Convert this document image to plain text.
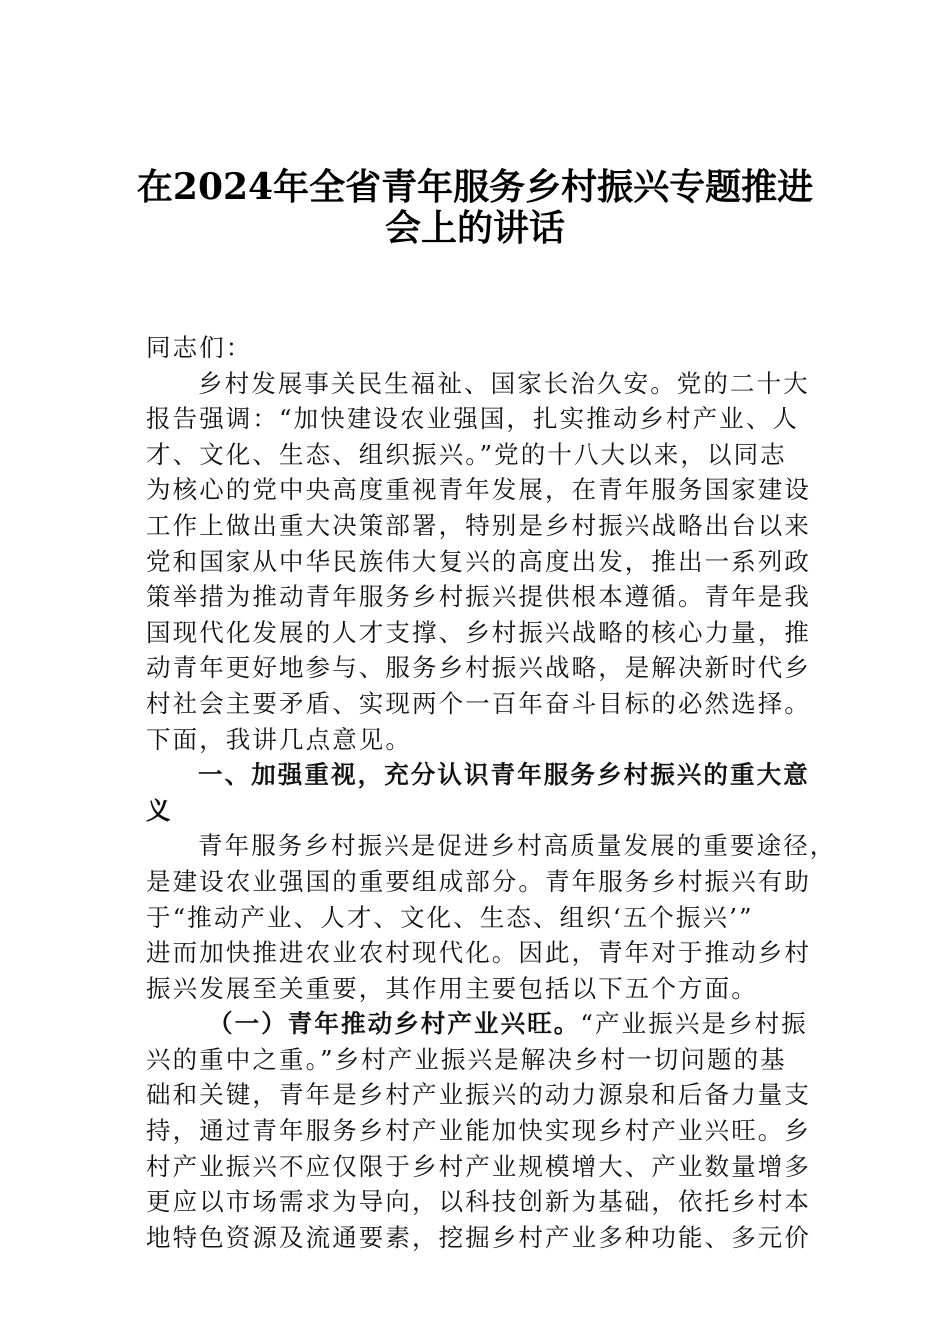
在2024年全省青年服务乡村振兴专题推进
会上的讲话
同志们：
乡村发展事关民生福祉、国家长治久安。党的二十大
报告强调：“加快建设农业强国，扎实推动乡村产业、人
才、文化、生态、组织振兴。”党的十八大以来，以同志
为核心的党中央高度重视青年发展，在青年服务国家建设
工作上做出重大决策部署，特别是乡村振兴战略出台以来
党和国家从中华民族伟大复兴的高度出发，推出一系列政
策举措为推动青年服务乡村振兴提供根本遵循。青年是我
国现代化发展的人才支撑、乡村振兴战略的核心力量，推
动青年更好地参与、服务乡村振兴战略，是解决新时代乡
村社会主要矛盾、实现两个一百年奋斗目标的必然选择。
下面，我讲几点意见。
一、加强重视，充分认识青年服务乡村振兴的重大意
义
青年服务乡村振兴是促进乡村高质量发展的重要途径，
是建设农业强国的重要组成部分。青年服务乡村振兴有助
于“推动产业、人才、文化、生态、组织‘五个振兴’”
进而加快推进农业农村现代化。因此，青年对于推动乡村
振兴发展至关重要，其作用主要包括以下五个方面。
（一）青年推动乡村产业兴旺。“产业振兴是乡村振
兴的重中之重。”乡村产业振兴是解决乡村一切问题的基
础和关键，青年是乡村产业振兴的动力源泉和后备力量支
持，通过青年服务乡村产业能加快实现乡村产业兴旺。乡
村产业振兴不应仅限于乡村产业规模增大、产业数量增多
更应以市场需求为导向，以科技创新为基础，依托乡村本
地特色资源及流通要素，挖掘乡村产业多种功能、多元价
